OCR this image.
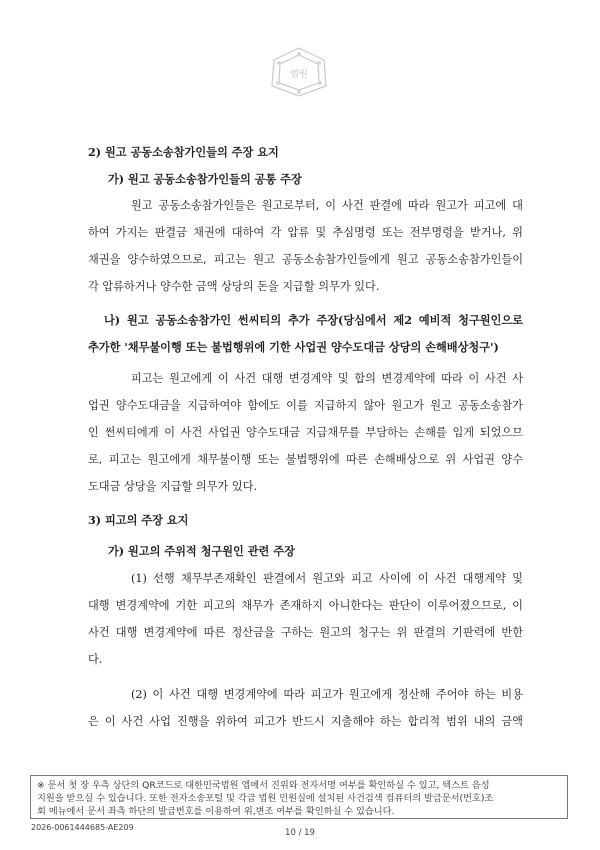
법원
2) 원고 공동소송참가인들의 주장 요지
가) 원고 공동소송참가인들의 공통 주장
원고 공동소송참가인들은 원고로부터, 이 사건 판결에 따라 원고가 피고에 대
하여 가지는 판결금 채권에 대하여 각 압류 및 추심명령 또는 전부명령을 받거나, 위
채권을 양수하였으므로, 피고는 원고 공동소송참가인들에게 원고 공동소송참가인들이
각 압류하거나 양수한 금액 상당의 돈을 지급할 의무가 있다.
나) 원고 공동소송참가인 썬씨티의 추가 주장(당심에서 제2 예비적 청구원인으로
추가한 '채무불이행 또는 불법행위에 기한 사업권 양수도대금 상당의 손해배상청구')
피고는 원고에게 이 사건 대행 변경계약 및 합의 변경계약에 따라 이 사건 사
업권 양수도대금을 지급하여야 함에도 이를 지급하지 않아 원고가 원고 공동소송참가
인 썬씨티에게 이 사건 사업권 양수도대금 지급채무를 부담하는 손해를 입게 되었으므
로, 피고는 원고에게 채무불이행 또는 불법행위에 따른 손해배상으로 위 사업권 양수
도대금 상당을 지급할 의무가 있다.
3) 피고의 주장 요지
가) 원고의 주위적 청구원인 관련 주장
(1) 선행 채무부존재확인 판결에서 원고와 피고 사이에 이 사건 대행계약 및
대행 변경계약에 기한 피고의 채무가 존재하지 아니한다는 판단이 이루어졌으므로, 이
사건 대행 변경계약에 따른 정산금을 구하는 원고의 청구는 위 판결의 기판력에 반한
다.
(2) 이 사건 대행 변경계약에 따라 피고가 원고에게 정산해 주어야 하는 비용
은 이 사건 사업 진행을 위하여 피고가 반드시 지출해야 하는 합리적 범위 내의 금액
※ 문서 첫 장 우측 상단의 QR코드로 대한민국법원 앱에서 진위와 전자서명 여부를 확인하실 수 있고, 텍스트 음성
지원을 받으실 수 있습니다. 또한 전자소송포털 및 각급 법원 민원실에 설치된 사건검색 컴퓨터의 발급문서(번호)조
회 메뉴에서 문서 좌측 하단의 발급번호를 이용하여 위,변조 여부를 확인하실 수 있습니다.
2026-0061444685-AE209
10 / 19
